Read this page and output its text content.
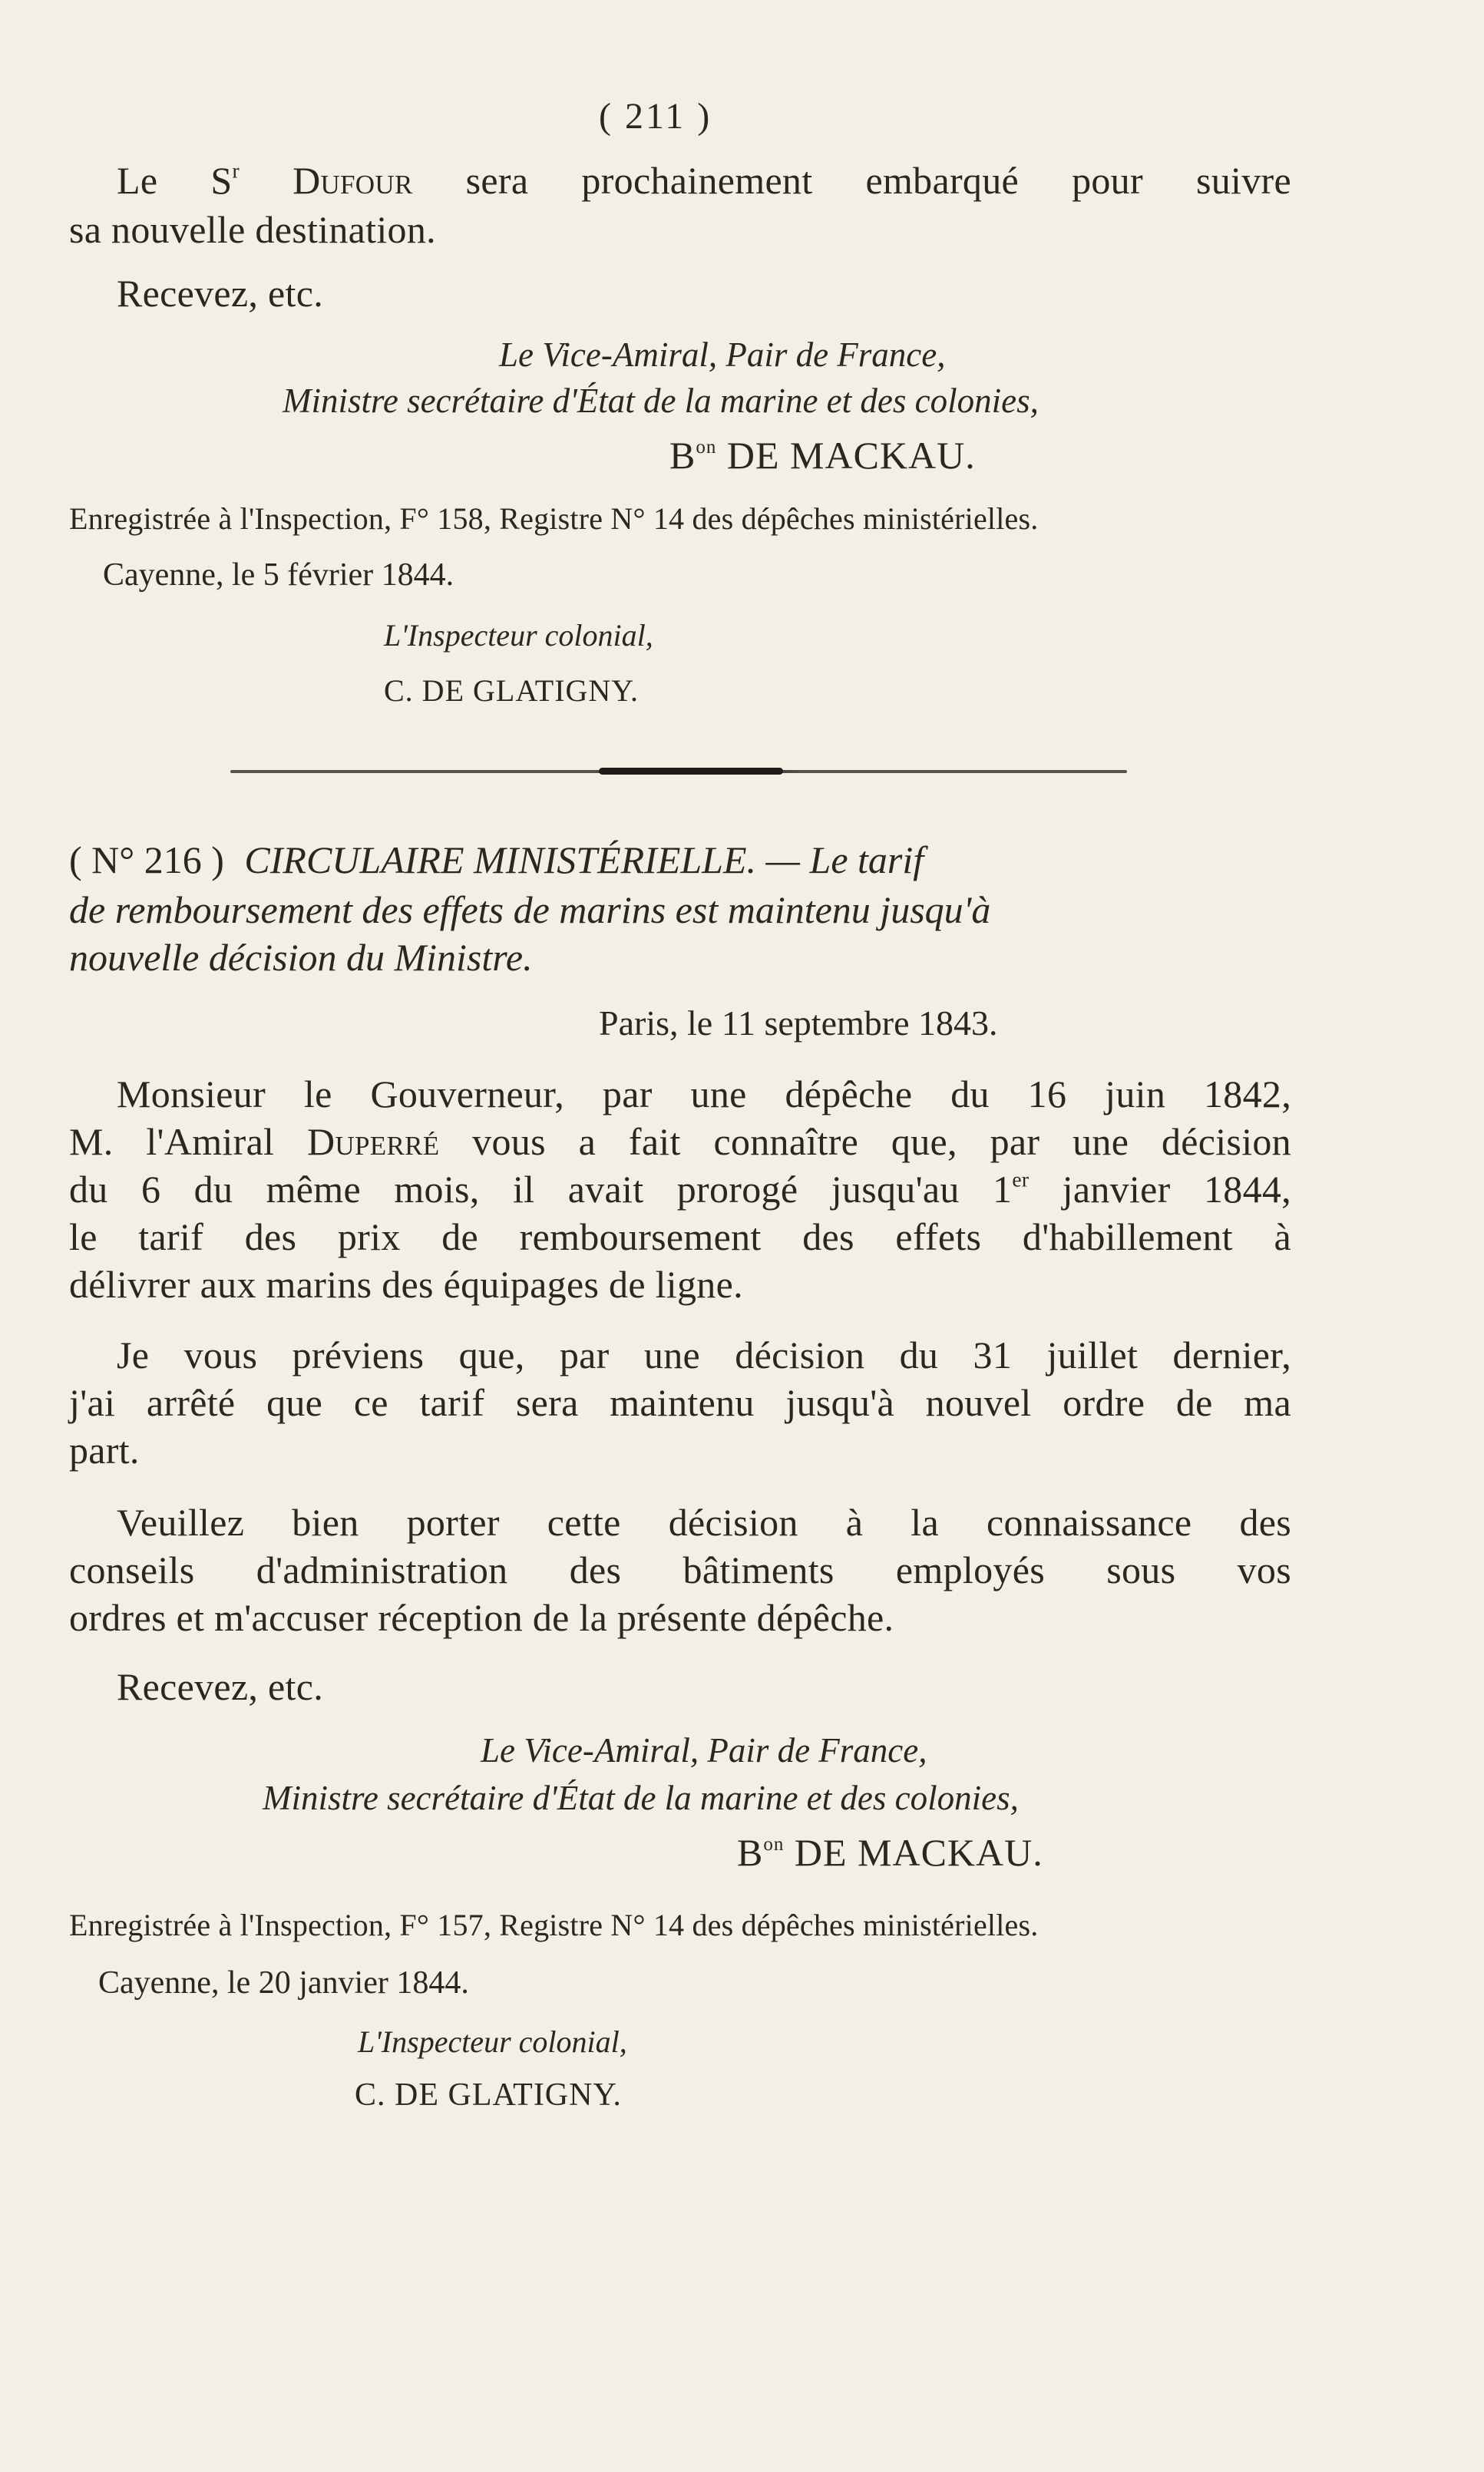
( 211 )
Le $S^r$ Dufour sera prochainement embarqué pour suivre
sa nouvelle destination.
Recevez, etc.
Le Vice-Amiral, Pair de France,
Ministre secrétaire d'État de la marine et des colonies,
$B^{on}$ DE MACKAU.
Enregistrée à l'Inspection, F° 158, Registre N° 14 des dépêches ministérielles.
Cayenne, le 5 février 1844.
L'Inspecteur colonial,
C. DE GLATIGNY.
( N° 216 ) CIRCULAIRE MINISTÉRIELLE. — Le tarif
de remboursement des effets de marins est maintenu jusqu'à
nouvelle décision du Ministre.
Paris, le 11 septembre 1843.
Monsieur le Gouverneur, par une dépêche du 16 juin 1842,
M. l'Amiral Duperré vous a fait connaître que, par une décision
du 6 du même mois, il avait prorogé jusqu'au 1er janvier 1844,
le tarif des prix de remboursement des effets d'habillement à
délivrer aux marins des équipages de ligne.
Je vous préviens que, par une décision du 31 juillet dernier,
j'ai arrêté que ce tarif sera maintenu jusqu'à nouvel ordre de ma
part.
Veuillez bien porter cette décision à la connaissance des
conseils d'administration des bâtiments employés sous vos
ordres et m'accuser réception de la présente dépêche.
Recevez, etc.
Le Vice-Amiral, Pair de France,
Ministre secrétaire d'État de la marine et des colonies,
$B^{on}$ DE MACKAU.
Enregistrée à l'Inspection, F° 157, Registre N° 14 des dépêches ministérielles.
Cayenne, le 20 janvier 1844.
L'Inspecteur colonial,
C. DE GLATIGNY.
